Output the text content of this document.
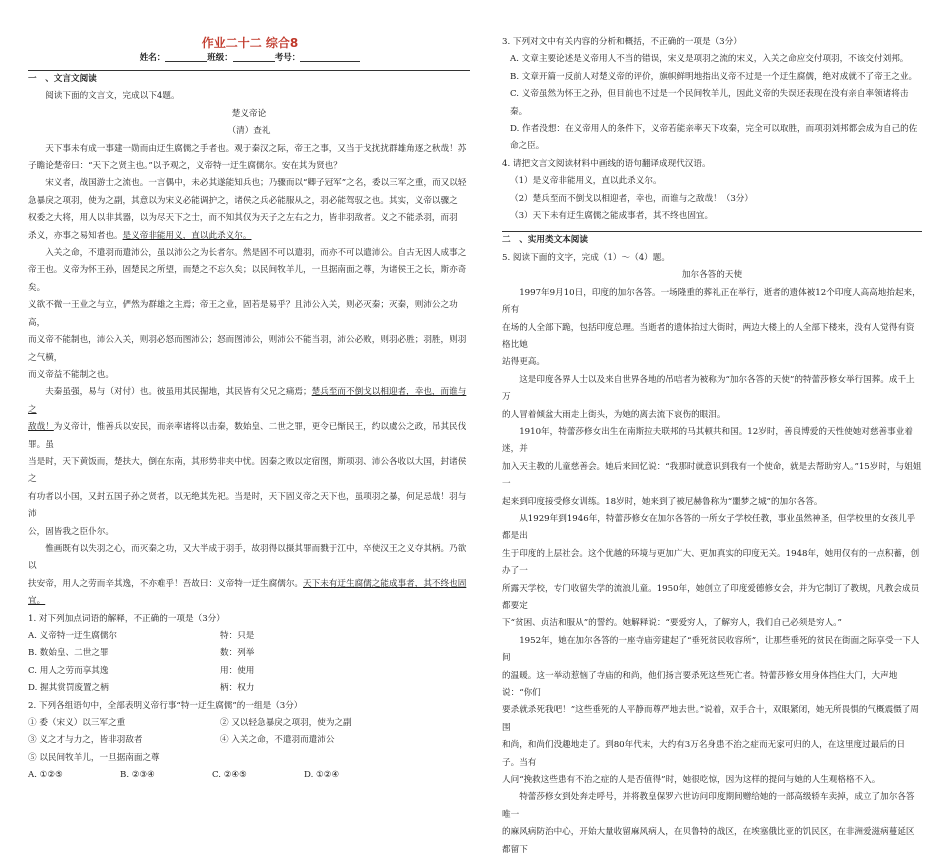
作业二十二 综合8
姓名：	班级：	考号：

一　、文言文阅读

阅读下面的文言文，完成以下4题。

楚义帝论

（清）查礼

天下事未有成一事建一勋而由迂生腐儒之手者也。观于秦汉之际，帝王之事，又当于戈扰扰群雄角逐之秋哉！苏

子瞻论楚帝曰：“天下之贤主也。”以予观之，义帝特一迂生腐儒尔。安在其为贤也？

宋义者，战国游士之流也。一言偶中，未必其遂能知兵也；乃骤而以“卿子冠军”之名，委以三军之重，而又以轻

急暴戾之项羽，使为之副，其意以为宋义必能调护之，诸侯之兵必能服从之，羽必能驾驭之也。其实，义帝以骤之

权委之大将，用人以非其器，以为尽天下之士，而不知其仅为天子之左右之力，皆非羽敌者。义之不能杀羽，而羽

杀义，亦事之易知者也。是义帝非能用义，直以此杀义尔。

入关之命，不遣羽而遣沛公，虽以沛公之为长者尔。然是固不可以遣羽，而亦不可以遣沛公。自古无因人成事之

帝王也。义帝为怀王孙，固楚民之所望，而楚之不忘久矣；以民间牧羊儿，一旦据南面之尊，为诸侯王之长，斯亦奇矣。

义欲不微一王业之与立，俨然为群雄之主焉；帝王之业，固若是易乎？且沛公入关，则必灭秦；灭秦，则沛公之功高，

而义帝不能制也，沛公入关，则羽必怒而图沛公；怒而图沛公，则沛公不能当羽，沛公必败，则羽必胜；羽胜，则羽之气横，

而义帝益不能制之也。

夫秦虽强，易与（对付）也。彼虽用其民掘地，其民皆有父兄之痛焉；楚兵至而不倒戈以相迎者，幸也，而谁与之

敌哉！为义帝计，惟善兵以安民，而亲率诸将以击秦，数始皇、二世之罪，更令已惭民王，约以虞公之政，吊其民伐罪。虽

当是时，天下黄饭而，楚扶大，倒在东南，其形势非夹中忧。因秦之败以定宿图，斯项羽、沛公各收以大国，封诸侯之

有功者以小国，又封五国子孙之贤者，以无绝其先祀。当是时，天下固义帝之天下也，虽项羽之暴，何足忌哉！羽与沛

公，固皆我之臣仆尔。

惟画既有以失羽之心，而灭秦之功，又大半成于羽手，故羽得以摄其罪而戮于江中，卒使汉王之义夺其柄。乃欲以

扶安帝，用人之劳而辛其逸，不亦难乎！吾故曰：义帝特一迂生腐儒尔。天下未有迂生腐儒之能成事者，其不终也固

宜。

1. 对下列加点词语的解释，不正确的一项是（3分）

A. 义帝特一迂生腐儒尔	特：只是
B. 数始皇、二世之罪	数：列举
C. 用人之劳而享其逸	用：使用
D. 握其赏罚废置之柄	柄：权力

2. 下列各组语句中，全部表明义帝行事“特一迂生腐儒”的一组是（3分）

① 委（宋义）以三军之重	② 又以轻急暴戾之项羽，使为之副
③ 义之才与力之，皆非羽敌者	④ 入关之命，不遣羽而遣沛公
⑤ 以民间牧羊儿，一旦据南面之尊
A. ①②⑤	B. ②③④	C. ②④⑤	D. ①②④

3. 下列对文中有关内容的分析和概括，不正确的一项是（3分）

A. 文章主要论述是义帝用人不当的错误，宋义是项羽之流的宋义，入关之命应交付项羽，不该交付刘邦。

B. 文章开篇一反前人对楚义帝的评价，旗帜鲜明地指出义帝不过是一个迂生腐儒，绝对成就不了帝王之业。

C. 义帝虽然为怀王之孙，但目前也不过是一个民间牧羊儿，因此义帝的失误还表现在没有亲自率领诸将击秦。

D. 作者没想：在义帝用人的条件下，义帝若能亲率天下攻秦，完全可以取胜，而项羽刘邦都会成为自己的佐命之臣。

4. 请把文言文阅读材料中画线的语句翻译成现代汉语。

（1）是义帝非能用义，直以此杀义尔。

（2）楚兵至而不倒戈以相迎者，幸也，而谁与之敌哉！（3分）

（3）天下未有迂生腐儒之能成事者，其不终也固宜。

二　、实用类文本阅读

5. 阅读下面的文字，完成（1）～（4）题。

加尔各答的天使

1997年9月10日，印度的加尔各答。一场隆重的葬礼正在举行，逝者的遗体被12个印度人高高地抬起来，所有

在场的人全部下跪，包括印度总理。当逝者的遗体抬过大街时，两边大楼上的人全部下楼来，没有人觉得有资格比她

站得更高。

这是印度各界人士以及来自世界各地的吊唁者为被称为“加尔各答的天使”的特蕾莎修女举行国葬。成千上万

的人冒着倾盆大雨走上街头，为她的离去流下哀伤的眼泪。

1910年，特蕾莎修女出生在南斯拉夫联邦的马其顿共和国。12岁时，善良博爱的天性使她对慈善事业着迷，并

加入天主教的儿童慈善会。她后来回忆说：“我那时就意识到我有一个使命，就是去帮助穷人。”15岁时，与姐姐一

起来到印度接受修女训练。18岁时，她来到了被尼赫鲁称为“噩梦之城”的加尔各答。

从1929年到1946年，特蕾莎修女在加尔各答的一所女子学校任教，事业虽然神圣，但学校里的女孩儿乎都是出

生于印度的上层社会。这个优越的环境与更加广大、更加真实的印度无关。1948年，她用仅有的一点积蓄，创办了一

所露天学校，专门收留失学的流浪儿童。1950年，她创立了印度爱德修女会，并为它制订了教规，凡教会成员都要定

下“贫困、贞洁和服从”的誓约。她解释说：“要爱穷人，了解穷人，我们自己必须是穷人。”

1952年，她在加尔各答的一座寺庙旁建起了“垂死贫民收容所”，让那些垂死的贫民在街面之际享受一下人间

的温暖。这一举动惹恼了寺庙的和尚，他们扬言要杀死这些死亡者。特蕾莎修女用身体挡住大门，大声地说：“你们

要杀就杀死我吧！”这些垂死的人平静而尊严地去世。”说着，双手合十，双眼紧闭，她无所畏惧的气概震慑了周围

和尚，和尚们没趣地走了。到80年代末，大约有3万名身患不治之症而无家可归的人，在这里度过最后的日子。当有

人问“挽救这些患有不治之症的人是否值得”时，她很吃惊，因为这样的提问与她的人生观格格不入。

特蕾莎修女到处奔走呼号，并将教皇保罗六世访问印度期间赠给她的一部高级轿车卖掉，成立了加尔各答唯一

的麻风病防治中心，开始大量收留麻风病人，在贝鲁特的战区，在埃塞俄比亚的饥民区，在非洲爱滋病蔓延区都留下
